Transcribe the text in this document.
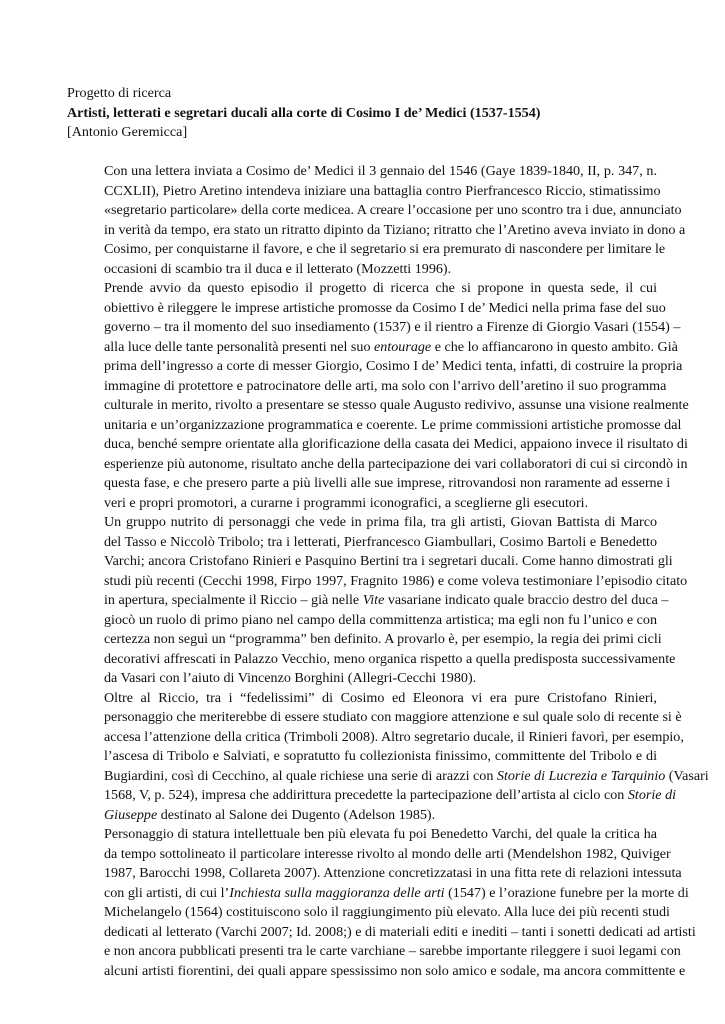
Progetto di ricerca

Artisti, letterati e segretari ducali alla corte di Cosimo I de’ Medici (1537-1554)

[Antonio Geremicca]

Con una lettera inviata a Cosimo de’ Medici il 3 gennaio del 1546 (Gaye 1839-1840, II, p. 347, n.
CCXLII), Pietro Aretino intendeva iniziare una battaglia contro Pierfrancesco Riccio, stimatissimo
«segretario particolare» della corte medicea. A creare l’occasione per uno scontro tra i due, annunciato
in verità da tempo, era stato un ritratto dipinto da Tiziano; ritratto che l’Aretino aveva inviato in dono a
Cosimo, per conquistarne il favore, e che il segretario si era premurato di nascondere per limitare le
occasioni di scambio tra il duca e il letterato (Mozzetti 1996).

Prende avvio da questo episodio il progetto di ricerca che si propone in questa sede, il cui
obiettivo è rileggere le imprese artistiche promosse da Cosimo I de’ Medici nella prima fase del suo
governo – tra il momento del suo insediamento (1537) e il rientro a Firenze di Giorgio Vasari (1554) –
alla luce delle tante personalità presenti nel suo entourage e che lo affiancarono in questo ambito. Già
prima dell’ingresso a corte di messer Giorgio, Cosimo I de’ Medici tenta, infatti, di costruire la propria
immagine di protettore e patrocinatore delle arti, ma solo con l’arrivo dell’aretino il suo programma
culturale in merito, rivolto a presentare se stesso quale Augusto redivivo, assunse una visione realmente
unitaria e un’organizzazione programmatica e coerente. Le prime commissioni artistiche promosse dal
duca, benché sempre orientate alla glorificazione della casata dei Medici, appaiono invece il risultato di
esperienze più autonome, risultato anche della partecipazione dei vari collaboratori di cui si circondò in
questa fase, e che presero parte a più livelli alle sue imprese, ritrovandosi non raramente ad esserne i
veri e propri promotori, a curarne i programmi iconografici, a sceglierne gli esecutori.

Un gruppo nutrito di personaggi che vede in prima fila, tra gli artisti, Giovan Battista di Marco
del Tasso e Niccolò Tribolo; tra i letterati, Pierfrancesco Giambullari, Cosimo Bartoli e Benedetto
Varchi; ancora Cristofano Rinieri e Pasquino Bertini tra i segretari ducali. Come hanno dimostrati gli
studi più recenti (Cecchi 1998, Firpo 1997, Fragnito 1986) e come voleva testimoniare l’episodio citato
in apertura, specialmente il Riccio – già nelle Vite vasariane indicato quale braccio destro del duca –
giocò un ruolo di primo piano nel campo della committenza artistica; ma egli non fu l’unico e con
certezza non seguì un “programma” ben definito. A provarlo è, per esempio, la regia dei primi cicli
decorativi affrescati in Palazzo Vecchio, meno organica rispetto a quella predisposta successivamente
da Vasari con l’aiuto di Vincenzo Borghini (Allegri-Cecchi 1980).

Oltre al Riccio, tra i “fedelissimi” di Cosimo ed Eleonora vi era pure Cristofano Rinieri,
personaggio che meriterebbe di essere studiato con maggiore attenzione e sul quale solo di recente si è
accesa l’attenzione della critica (Trimboli 2008). Altro segretario ducale, il Rinieri favorì, per esempio,
l’ascesa di Tribolo e Salviati, e sopratutto fu collezionista finissimo, committente del Tribolo e di
Bugiardini, così di Cecchino, al quale richiese una serie di arazzi con Storie di Lucrezia e Tarquinio (Vasari
1568, V, p. 524), impresa che addirittura precedette la partecipazione dell’artista al ciclo con Storie di
Giuseppe destinato al Salone dei Dugento (Adelson 1985).

Personaggio di statura intellettuale ben più elevata fu poi Benedetto Varchi, del quale la critica ha
da tempo sottolineato il particolare interesse rivolto al mondo delle arti (Mendelshon 1982, Quiviger
1987, Barocchi 1998, Collareta 2007). Attenzione concretizzatasi in una fitta rete di relazioni intessuta
con gli artisti, di cui l’Inchiesta sulla maggioranza delle arti (1547) e l’orazione funebre per la morte di
Michelangelo (1564) costituiscono solo il raggiungimento più elevato. Alla luce dei più recenti studi
dedicati al letterato (Varchi 2007; Id. 2008;) e di materiali editi e inediti – tanti i sonetti dedicati ad artisti
e non ancora pubblicati presenti tra le carte varchiane – sarebbe importante rileggere i suoi legami con
alcuni artisti fiorentini, dei quali appare spessissimo non solo amico e sodale, ma ancora committente e
